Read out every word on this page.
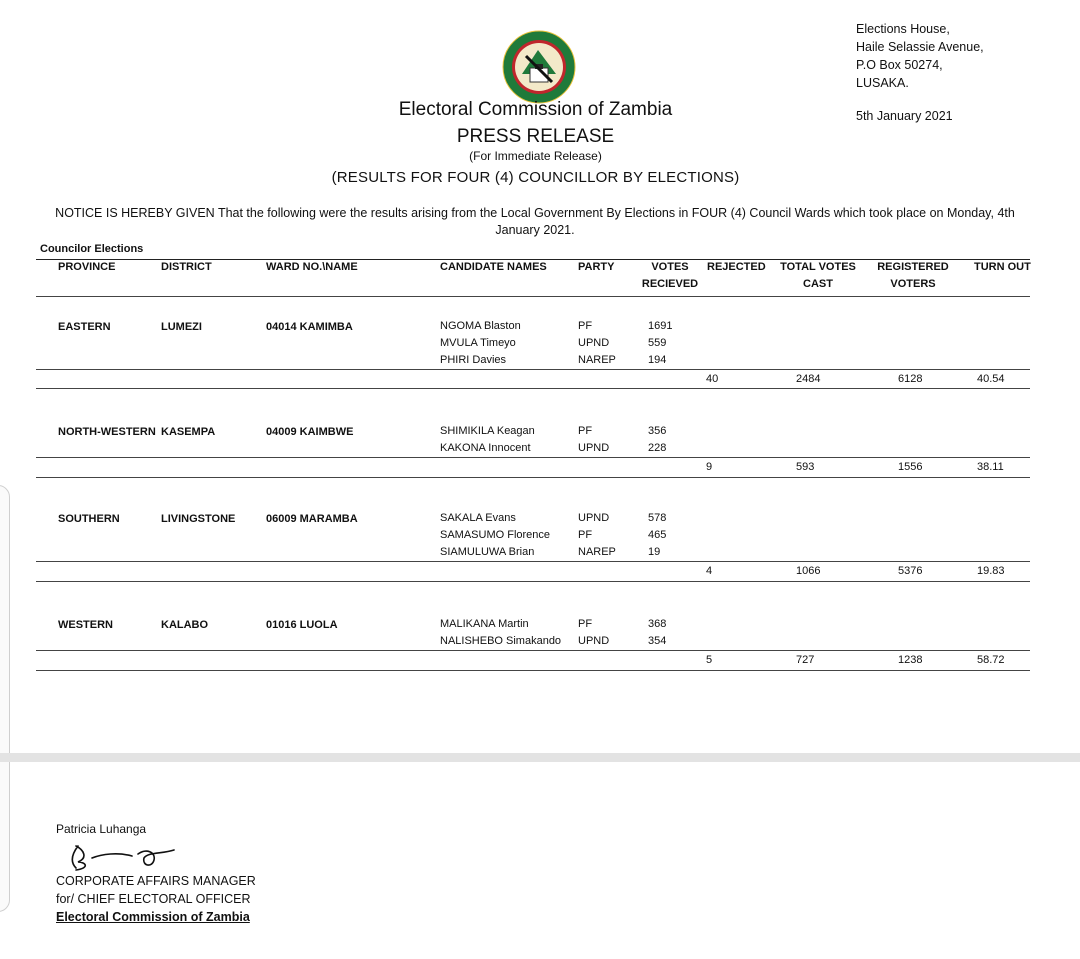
Elections House,
Haile Selassie Avenue,
P.O Box 50274,
LUSAKA.
5th January 2021
Electoral Commission of Zambia
PRESS RELEASE
(For Immediate Release)
(RESULTS FOR FOUR (4) COUNCILLOR BY ELECTIONS)
NOTICE IS HEREBY GIVEN That the following were the results arising from the Local Government By Elections in FOUR (4) Council Wards which took place on Monday, 4th January 2021.
Councilor Elections
PROVINCE	DISTRICT	WARD NO.\NAME	CANDIDATE NAMES	PARTY	VOTES
RECIEVED
REJECTED	TOTAL VOTES
CAST
REGISTERED
VOTERS
TURN OUT
EASTERN	LUMEZI	04014 KAMIMBA	NGOMA Blaston	PF	1691
MVULA Timeyo	UPND	559
PHIRI Davies	NAREP	194
40	2484	6128	40.54
NORTH-WESTERN KASEMPA	04009 KAIMBWE	SHIMIKILA Keagan	PF	356
KAKONA Innocent	UPND	228
9	593	1556	38.11
SOUTHERN	LIVINGSTONE	06009 MARAMBA	SAKALA Evans	UPND	578
SAMASUMO Florence	PF	465
SIAMULUWA Brian	NAREP	19
4	1066	5376	19.83
WESTERN	KALABO	01016 LUOLA	MALIKANA Martin	PF	368
NALISHEBO Simakando UPND	354
5	727	1238	58.72
Patricia Luhanga
CORPORATE AFFAIRS MANAGER
for/ CHIEF ELECTORAL OFFICER
Electoral Commission of Zambia
